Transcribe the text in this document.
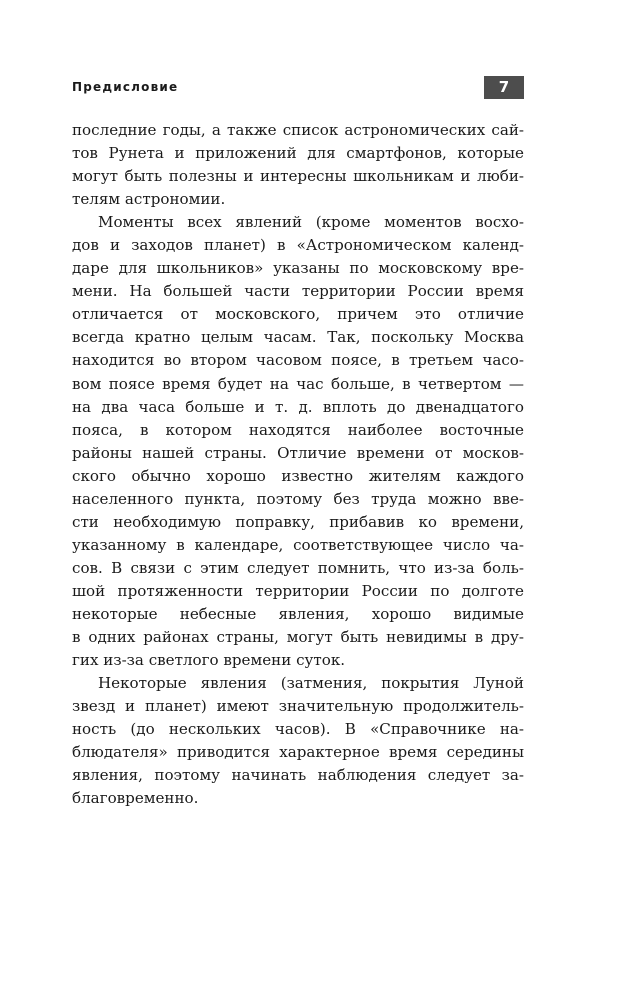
Предисловие	7
последние годы, а также список астрономических сай-
тов Рунета и приложений для смартфонов, которые
могут быть полезны и интересны школьникам и люби-
телям астрономии.
Моменты всех явлений (кроме моментов восхо-
дов и заходов планет) в «Астрономическом календ-
даре для школьников» указаны по московскому вре-
мени. На большей части территории России время
отличается от московского, причем это отличие
всегда кратно целым часам. Так, поскольку Москва
находится во втором часовом поясе, в третьем часо-
вом поясе время будет на час больше, в четвертом —
на два часа больше и т. д. вплоть до двенадцатого
пояса, в котором находятся наиболее восточные
районы нашей страны. Отличие времени от москов-
ского обычно хорошо известно жителям каждого
населенного пункта, поэтому без труда можно вве-
сти необходимую поправку, прибавив ко времени,
указанному в календаре, соответствующее число ча-
сов. В связи с этим следует помнить, что из-за боль-
шой протяженности территории России по долготе
некоторые небесные явления, хорошо видимые
в одних районах страны, могут быть невидимы в дру-
гих из-за светлого времени суток.
Некоторые явления (затмения, покрытия Луной
звезд и планет) имеют значительную продолжитель-
ность (до нескольких часов). В «Справочнике на-
блюдателя» приводится характерное время середины
явления, поэтому начинать наблюдения следует за-
благовременно.
